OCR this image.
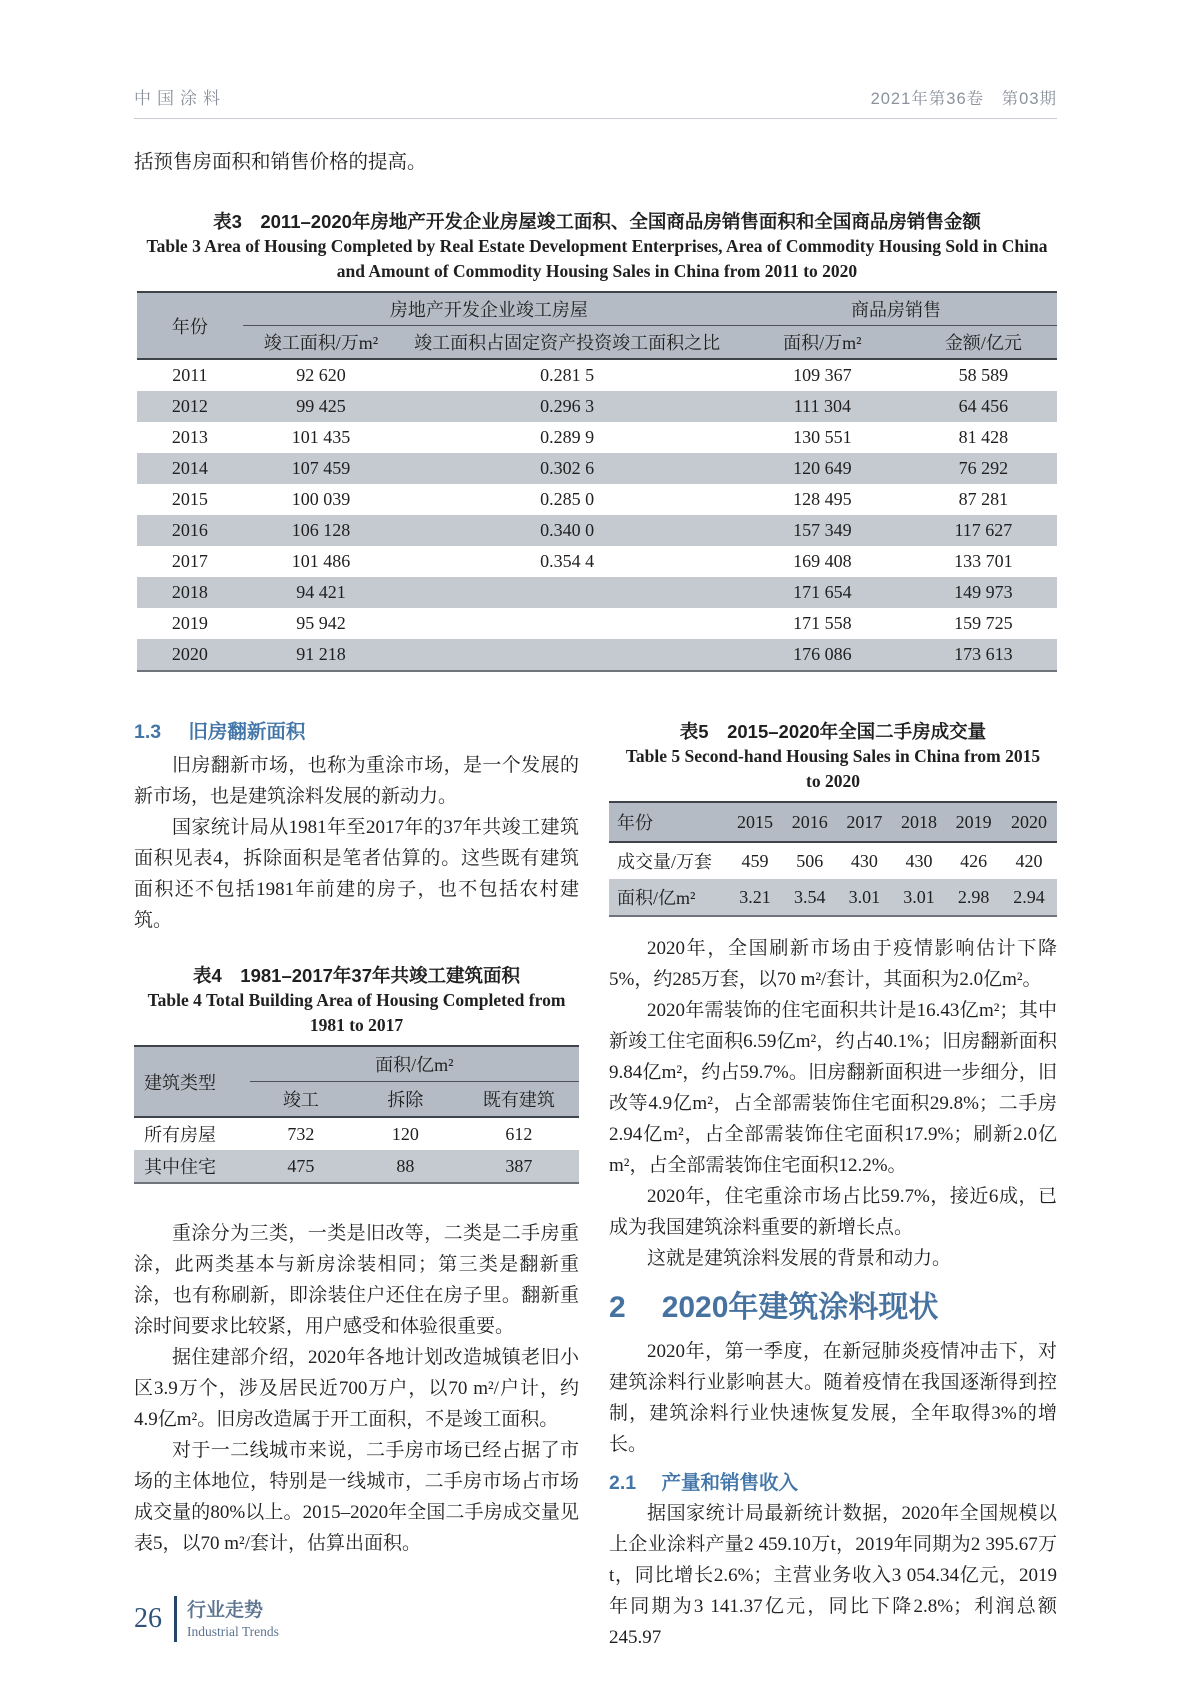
中国涂料	2021年第36卷　第03期

括预售房面积和销售价格的提高。

表3　2011–2020年房地产开发企业房屋竣工面积、全国商品房销售面积和全国商品房销售金额
Table 3 Area of Housing Completed by Real Estate Development Enterprises, Area of Commodity Housing Sold in China
and Amount of Commodity Housing Sales in China from 2011 to 2020
年份	房地产开发企业竣工房屋		商品房销售	
	竣工面积/万m²	竣工面积占固定资产投资竣工面积之比	面积/万m²	金额/亿元
2011	92 620	0.281 5	109 367	58 589
2012	99 425	0.296 3	111 304	64 456
2013	101 435	0.289 9	130 551	81 428
2014	107 459	0.302 6	120 649	76 292
2015	100 039	0.285 0	128 495	87 281
2016	106 128	0.340 0	157 349	117 627
2017	101 486	0.354 4	169 408	133 701
2018	94 421		171 654	149 973
2019	95 942		171 558	159 725
2020	91 218		176 086	173 613
1.3 旧房翻新面积

旧房翻新市场，也称为重涂市场，是一个发展的新市场，也是建筑涂料发展的新动力。

国家统计局从1981年至2017年的37年共竣工建筑面积见表4，拆除面积是笔者估算的。这些既有建筑面积还不包括1981年前建的房子，也不包括农村建筑。

表4　1981–2017年37年共竣工建筑面积
Table 4 Total Building Area of Housing Completed from
1981 to 2017
建筑类型	面积/亿m²		
	竣工	拆除	既有建筑
所有房屋	732	120	612
其中住宅	475	88	387

重涂分为三类，一类是旧改等，二类是二手房重涂，此两类基本与新房涂装相同；第三类是翻新重涂，也有称刷新，即涂装住户还住在房子里。翻新重涂时间要求比较紧，用户感受和体验很重要。

据住建部介绍，2020年各地计划改造城镇老旧小区3.9万个，涉及居民近700万户，以70 m²/户计，约4.9亿m²。旧房改造属于开工面积，不是竣工面积。

对于一二线城市来说，二手房市场已经占据了市场的主体地位，特别是一线城市，二手房市场占市场成交量的80%以上。2015–2020年全国二手房成交量见表5，以70 m²/套计，估算出面积。

表5　2015–2020年全国二手房成交量
Table 5 Second-hand Housing Sales in China from 2015
to 2020
年份	2015	2016	2017	2018	2019	2020
成交量/万套	459	506	430	430	426	420
面积/亿m²	3.21	3.54	3.01	3.01	2.98	2.94

2020年，全国刷新市场由于疫情影响估计下降5%，约285万套，以70 m²/套计，其面积为2.0亿m²。

2020年需装饰的住宅面积共计是16.43亿m²；其中新竣工住宅面积6.59亿m²，约占40.1%；旧房翻新面积9.84亿m²，约占59.7%。旧房翻新面积进一步细分，旧改等4.9亿m²，占全部需装饰住宅面积29.8%；二手房2.94亿m²，占全部需装饰住宅面积17.9%；刷新2.0亿m²，占全部需装饰住宅面积12.2%。

2020年，住宅重涂市场占比59.7%，接近6成，已成为我国建筑涂料重要的新增长点。

这就是建筑涂料发展的背景和动力。

2 2020年建筑涂料现状

2020年，第一季度，在新冠肺炎疫情冲击下，对建筑涂料行业影响甚大。随着疫情在我国逐渐得到控制，建筑涂料行业快速恢复发展，全年取得3%的增长。

2.1 产量和销售收入

据国家统计局最新统计数据，2020年全国规模以上企业涂料产量2 459.10万t，2019年同期为2 395.67万t，同比增长2.6%；主营业务收入3 054.34亿元，2019年同期为3 141.37亿元，同比下降2.8%；利润总额245.97

26 行业走势
Industrial Trends
